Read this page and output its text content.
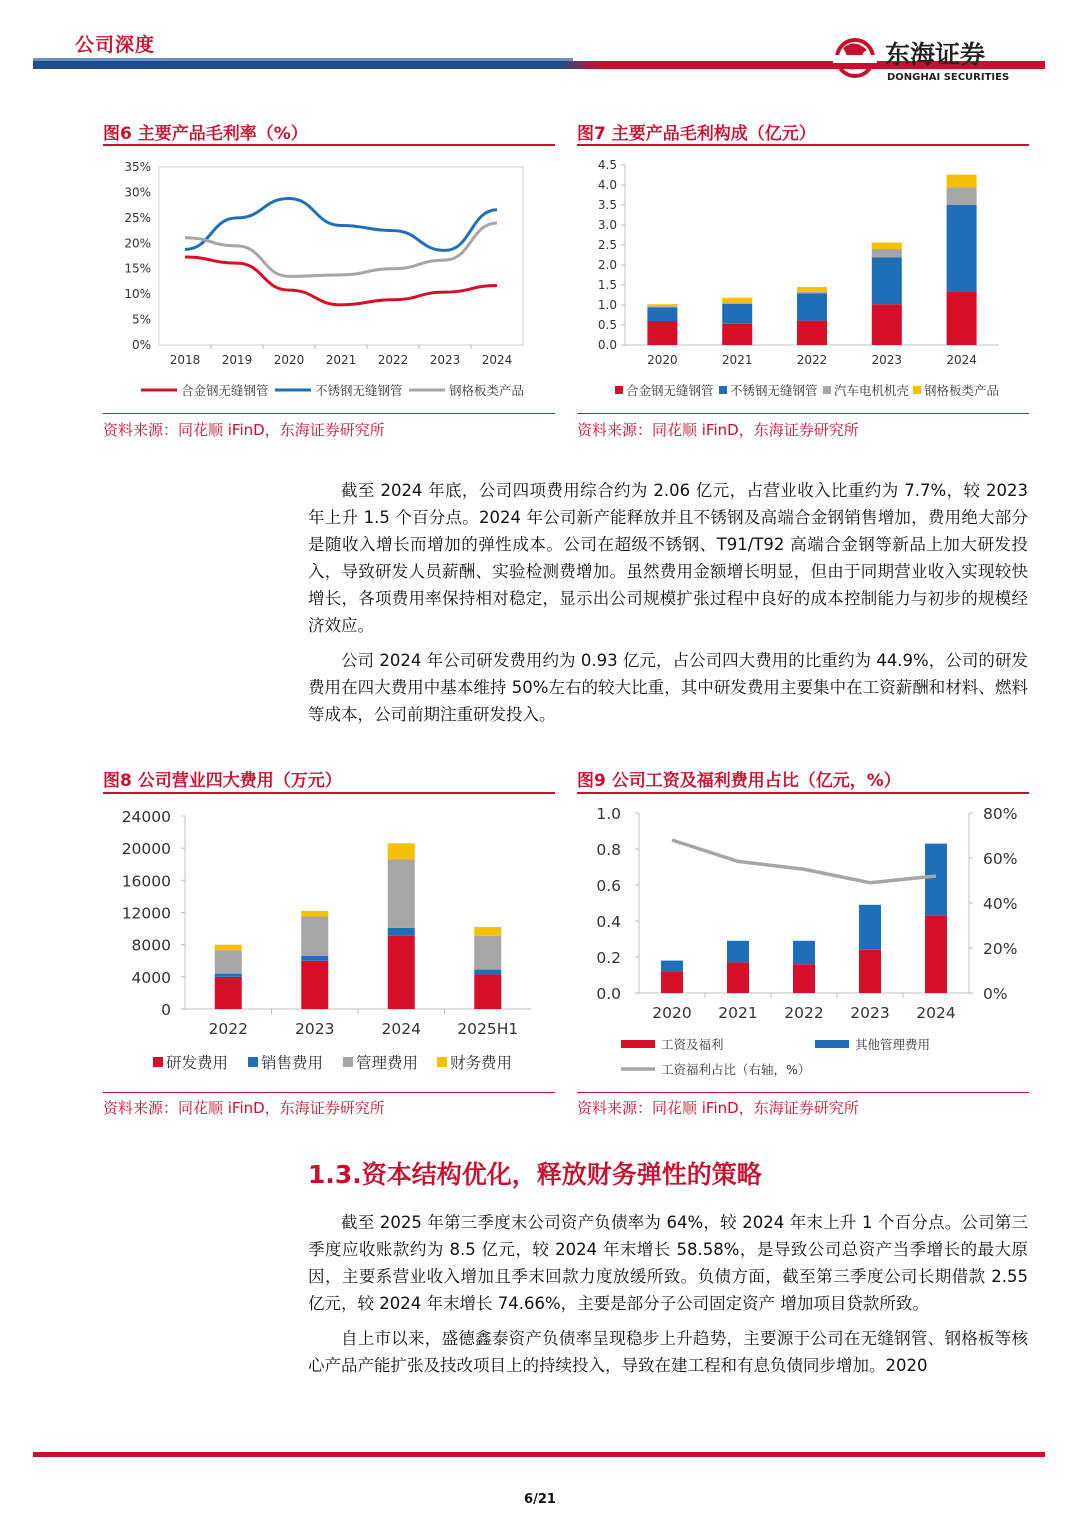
公司深度	东海证券
DONGHAI SECURITIES
图6 主要产品毛利率（%）
0%
5%
10%
15%
20%
25%
30%
35%
2018 2019 2020 2021 2022 2023 2024
合金钢无缝钢管	不锈钢无缝钢管	钢格板类产品
资料来源：同花顺 iFinD，东海证券研究所
图7 主要产品毛利构成（亿元）
0.0
0.5
1.0
1.5
2.0
2.5
3.0
3.5
4.0
4.5
2020	2021	2022	2023	2024
合金钢无缝钢管 不锈钢无缝钢管 汽车电机机壳 钢格板类产品
资料来源：同花顺 iFinD，东海证券研究所

截至 2024 年底，公司四项费用综合约为 2.06 亿元，占营业收入比重约为 7.7%，较 2023 年上升 1.5 个百分点。2024 年公司新产能释放并且不锈钢及高端合金钢销售增加，费用绝大部分是随收入增长而增加的弹性成本。公司在超级不锈钢、T91/T92 高端合金钢等新品上加大研发投入，导致研发人员薪酬、实验检测费增加。虽然费用金额增长明显，但由于同期营业收入实现较快增长，各项费用率保持相对稳定，显示出公司规模扩张过程中良好的成本控制能力与初步的规模经济效应。

公司 2024 年公司研发费用约为 0.93 亿元，占公司四大费用的比重约为 44.9%，公司的研发费用在四大费用中基本维持 50%左右的较大比重，其中研发费用主要集中在工资薪酬和材料、燃料等成本，公司前期注重研发投入。

图8 公司营业四大费用（万元）
0
4000
8000
12000
16000
20000
24000
2022	2023	2024 2025H1
研发费用 销售费用 管理费用 财务费用
资料来源：同花顺 iFinD，东海证券研究所
图9 公司工资及福利费用占比（亿元，%）
0.0
0.2
0.4
0.6
0.8
1.0
0%
20%
40%
60%
80%
2020 2021 2022 2023 2024
工资及福利	其他管理费用
工资福利占比（右轴，%）
资料来源：同花顺 iFinD，东海证券研究所
1.3.资本结构优化，释放财务弹性的策略

截至 2025 年第三季度末公司资产负债率为 64%，较 2024 年末上升 1 个百分点。公司第三季度应收账款约为 8.5 亿元，较 2024 年末增长 58.58%，是导致公司总资产当季增长的最大原因，主要系营业收入增加且季末回款力度放缓所致。负债方面，截至第三季度公司长期借款 2.55 亿元，较 2024 年末增长 74.66%，主要是部分子公司固定资产 增加项目贷款所致。

自上市以来，盛德鑫泰资产负债率呈现稳步上升趋势，主要源于公司在无缝钢管、钢格板等核心产品产能扩张及技改项目上的持续投入，导致在建工程和有息负债同步增加。2020

6/21
